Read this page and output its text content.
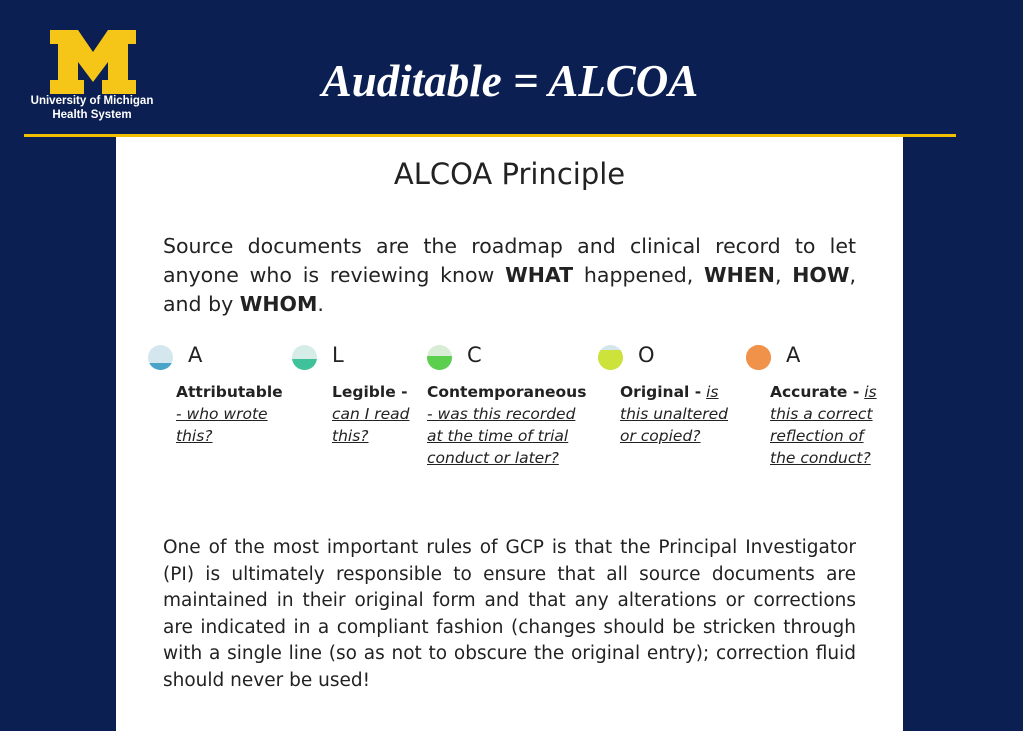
University of Michigan
Health System
Auditable = ALCOA
ALCOA Principle
Source documents are the roadmap and clinical record to let anyone who is reviewing know WHAT happened, WHEN, HOW, and by WHOM.
A
Attributable
- who wrote
this?
L
Legible -
can I read
this?
C
Contemporaneous
- was this recorded
at the time of trial
conduct or later?
O
Original - is
this unaltered
or copied?
A
Accurate - is
this a correct
reflection of
the conduct?
One of the most important rules of GCP is that the Principal Investigator (PI) is ultimately responsible to ensure that all source documents are maintained in their original form and that any alterations or corrections are indicated in a compliant fashion (changes should be stricken through with a single line (so as not to obscure the original entry); correction fluid should never be used!
